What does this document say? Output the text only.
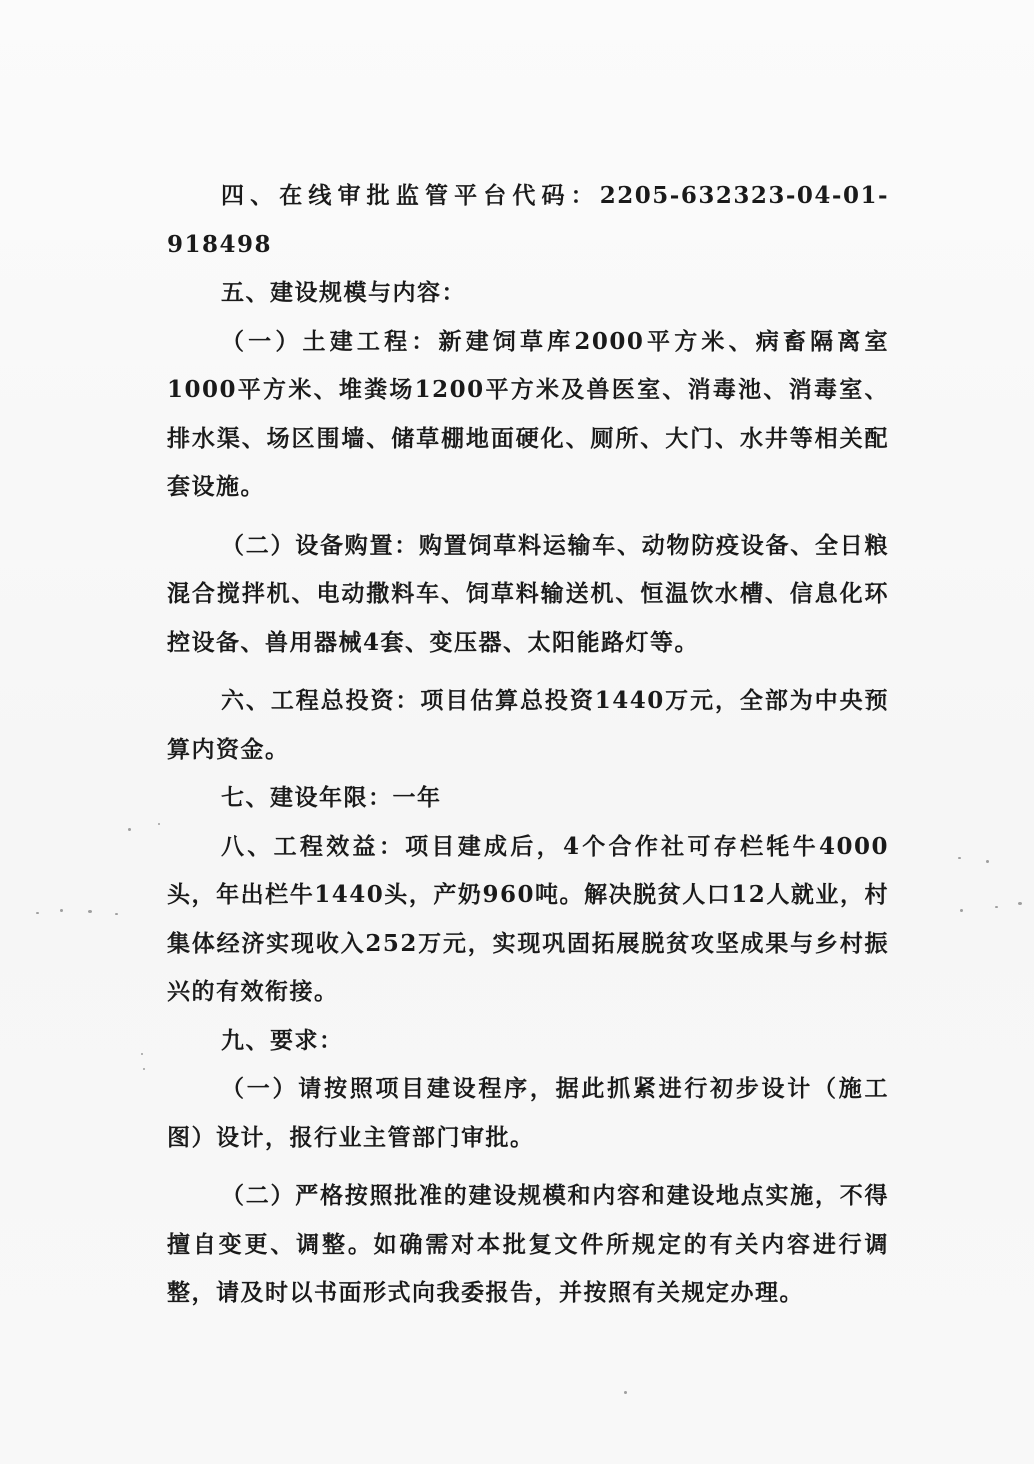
四、在线审批监管平台代码：2205-632323-04-01-918498

五、建设规模与内容：

（一）土建工程：新建饲草库2000平方米、病畜隔离室1000平方米、堆粪场1200平方米及兽医室、消毒池、消毒室、排水渠、场区围墙、储草棚地面硬化、厕所、大门、水井等相关配套设施。

（二）设备购置：购置饲草料运输车、动物防疫设备、全日粮混合搅拌机、电动撒料车、饲草料输送机、恒温饮水槽、信息化环控设备、兽用器械4套、变压器、太阳能路灯等。

六、工程总投资：项目估算总投资1440万元，全部为中央预算内资金。

七、建设年限：一年

八、工程效益：项目建成后，4个合作社可存栏牦牛4000头，年出栏牛1440头，产奶960吨。解决脱贫人口12人就业，村集体经济实现收入252万元，实现巩固拓展脱贫攻坚成果与乡村振兴的有效衔接。

九、要求：

（一）请按照项目建设程序，据此抓紧进行初步设计（施工图）设计，报行业主管部门审批。

（二）严格按照批准的建设规模和内容和建设地点实施，不得擅自变更、调整。如确需对本批复文件所规定的有关内容进行调整，请及时以书面形式向我委报告，并按照有关规定办理。
